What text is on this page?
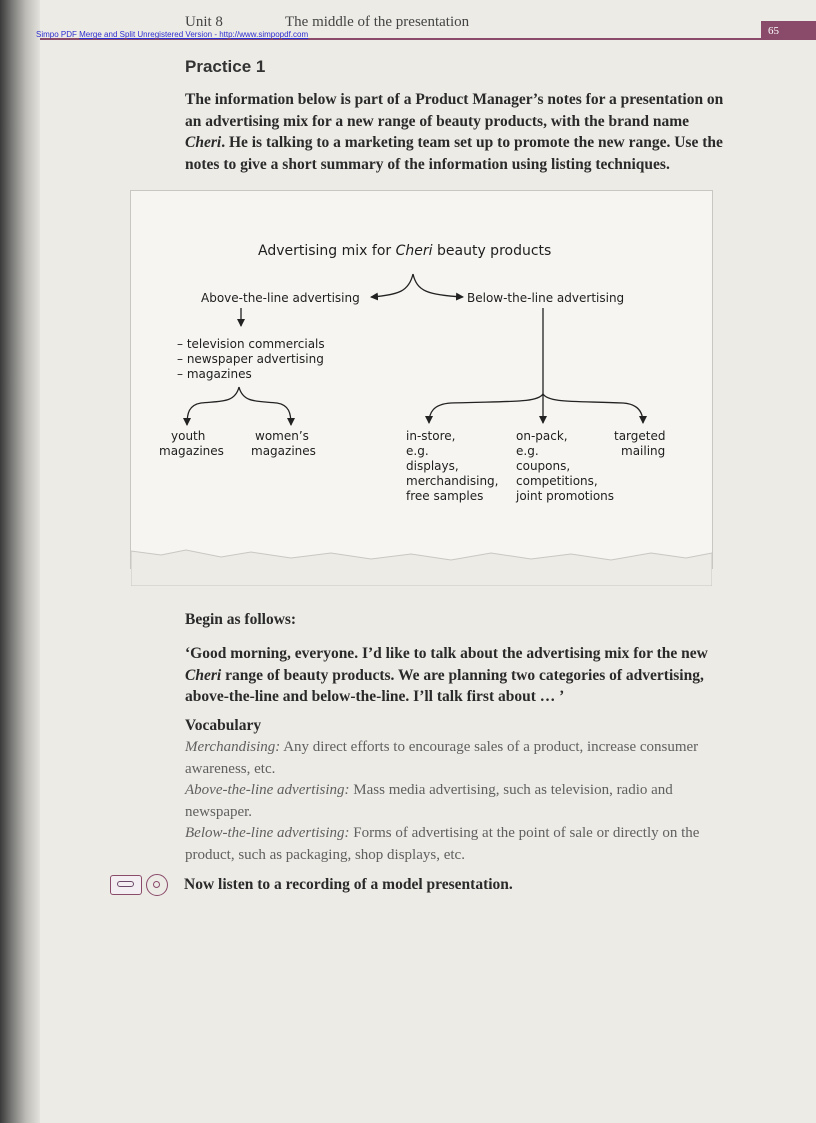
Unit 8	The middle of the presentation
65
Simpo PDF Merge and Split Unregistered Version - http://www.simpopdf.com
Practice 1

The information below is part of a Product Manager’s notes for a presentation on an advertising mix for a new range of beauty products, with the brand name Cheri. He is talking to a marketing team set up to promote the new range. Use the notes to give a short summary of the information using listing techniques.

Advertising mix for Cheri beauty products
Above-the-line advertising	Below-the-line advertising
– television commercials
– newspaper advertising
– magazines
youth
magazines
women’s
magazines
in-store,
e.g.
displays,
merchandising,
free samples
on-pack,
e.g.
coupons,
competitions,
joint promotions
targeted
mailing
Begin as follows:

‘Good morning, everyone. I’d like to talk about the advertising mix for the new Cheri range of beauty products. We are planning two categories of advertising, above-the-line and below-the-line. I’ll talk first about … ’

Vocabulary

Merchandising: Any direct efforts to encourage sales of a product, increase consumer awareness, etc.
Above-the-line advertising: Mass media advertising, such as television, radio and newspaper.
Below-the-line advertising: Forms of advertising at the point of sale or directly on the product, such as packaging, shop displays, etc.

Now listen to a recording of a model presentation.
